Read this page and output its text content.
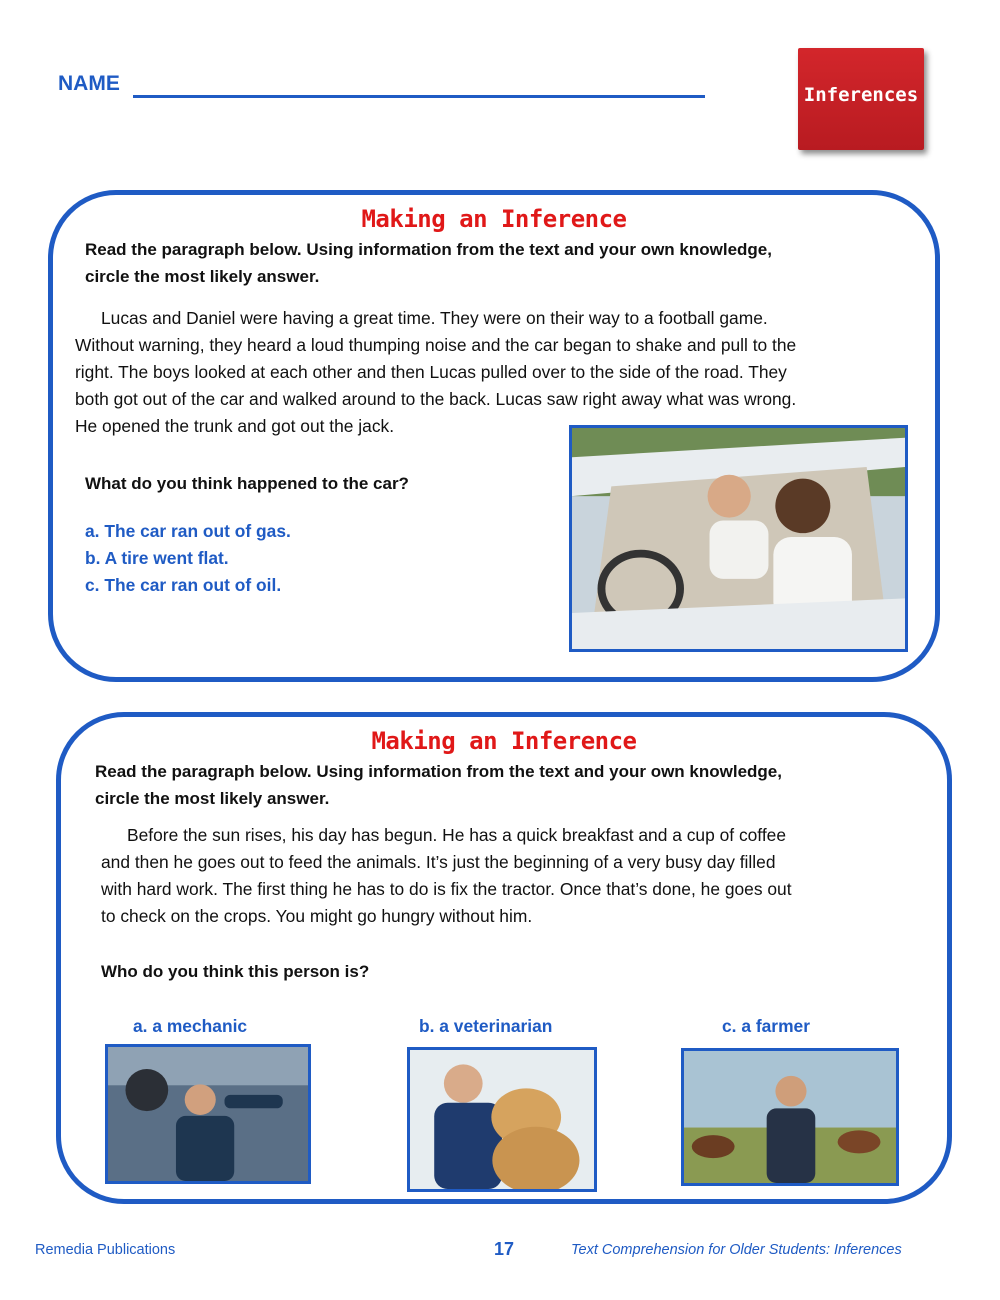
NAME	Inferences
Making an Inference
Read the paragraph below. Using information from the text and your own knowledge,
circle the most likely answer.
Lucas and Daniel were having a great time. They were on their way to a football game.
Without warning, they heard a loud thumping noise and the car began to shake and pull to the
right. The boys looked at each other and then Lucas pulled over to the side of the road. They
both got out of the car and walked around to the back. Lucas saw right away what was wrong.
He opened the trunk and got out the jack.
What do you think happened to the car?
a. The car ran out of gas.
b. A tire went flat.
c. The car ran out of oil.
Making an Inference
Read the paragraph below. Using information from the text and your own knowledge,
circle the most likely answer.
Before the sun rises, his day has begun. He has a quick breakfast and a cup of coffee
and then he goes out to feed the animals. It’s just the beginning of a very busy day filled
with hard work. The first thing he has to do is fix the tractor. Once that’s done, he goes out
to check on the crops. You might go hungry without him.
Who do you think this person is?
a. a mechanic	b. a veterinarian	c. a farmer
Remedia Publications	17	Text Comprehension for Older Students: Inferences
